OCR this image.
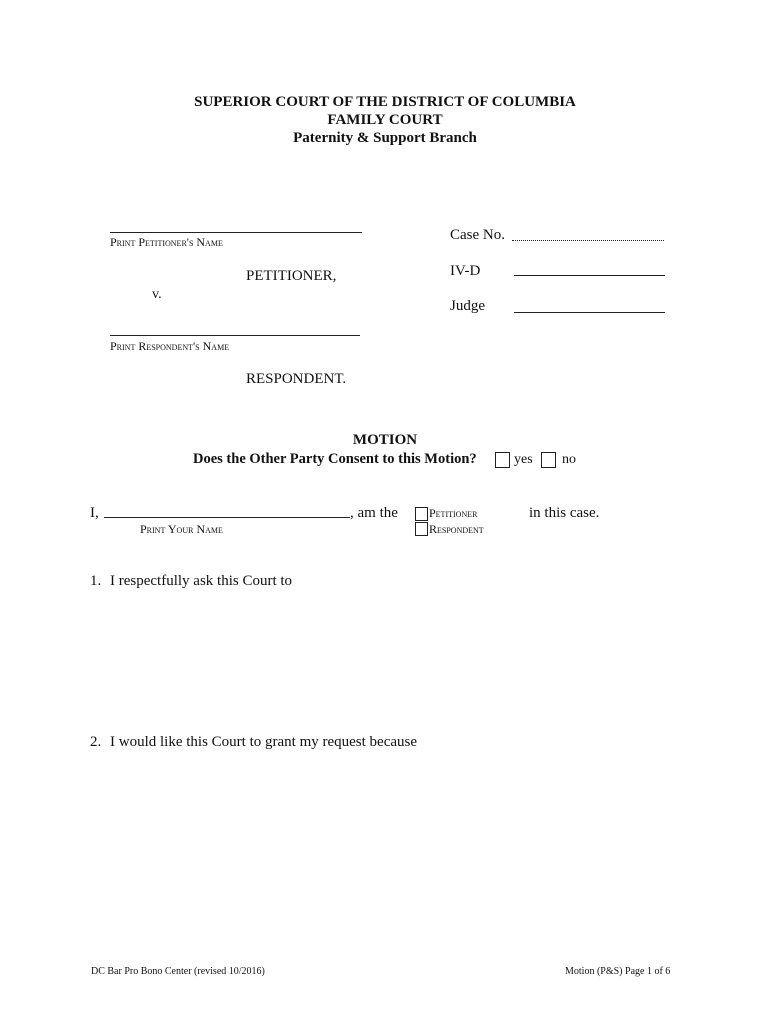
SUPERIOR COURT OF THE DISTRICT OF COLUMBIA
FAMILY COURT
Paternity & Support Branch
Print Petitioner's Name
PETITIONER,
v.
Print Respondent's Name
RESPONDENT.
Case No.
IV-D
Judge
MOTION
Does the Other Party Consent to this Motion?	yes no
I,	, am the
Print Your Name
Petitioner
Respondent
in this case.
1. I respectfully ask this Court to
2. I would like this Court to grant my request because
DC Bar Pro Bono Center (revised 10/2016)	Motion (P&S) Page 1 of 6
